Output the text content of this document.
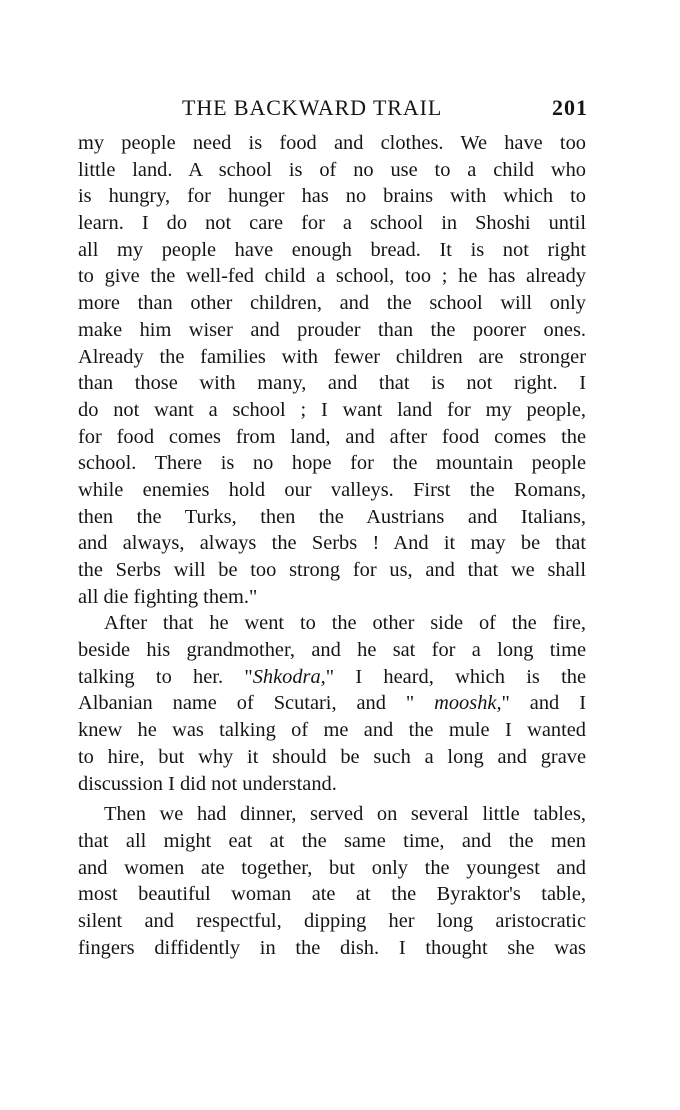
THE BACKWARD TRAIL	201
my people need is food and clothes. We have too
little land. A school is of no use to a child who
is hungry, for hunger has no brains with which to
learn. I do not care for a school in Shoshi until
all my people have enough bread. It is not right
to give the well-fed child a school, too ; he has already
more than other children, and the school will only
make him wiser and prouder than the poorer ones.
Already the families with fewer children are stronger
than those with many, and that is not right. I
do not want a school ; I want land for my people,
for food comes from land, and after food comes the
school. There is no hope for the mountain people
while enemies hold our valleys. First the Romans,
then the Turks, then the Austrians and Italians,
and always, always the Serbs ! And it may be that
the Serbs will be too strong for us, and that we shall
all die fighting them."
After that he went to the other side of the fire,
beside his grandmother, and he sat for a long time
talking to her. "Shkodra," I heard, which is the
Albanian name of Scutari, and " mooshk," and I
knew he was talking of me and the mule I wanted
to hire, but why it should be such a long and grave
discussion I did not understand.
Then we had dinner, served on several little tables,
that all might eat at the same time, and the men
and women ate together, but only the youngest and
most beautiful woman ate at the Byraktor's table,
silent and respectful, dipping her long aristocratic
fingers diffidently in the dish. I thought she was
